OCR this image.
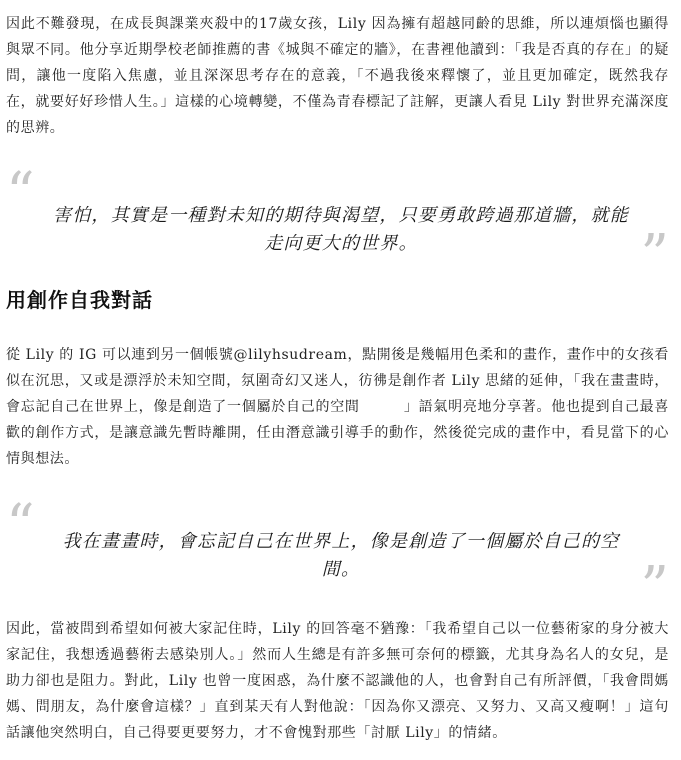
因此不難發現，在成長與課業夾殺中的17歲女孩，Lily 因為擁有超越同齡的思維，所以連煩惱也顯得與眾不同。他分享近期學校老師推薦的書《城與不確定的牆》，在書裡他讀到：「我是否真的存在」的疑問，讓他一度陷入焦慮，並且深深思考存在的意義，「不過我後來釋懷了，並且更加確定，既然我存在，就要好好珍惜人生。」這樣的心境轉變，不僅為青春標記了註解，更讓人看見 Lily 對世界充滿深度的思辨。

“	害怕，其實是一種對未知的期待與渴望，只要勇敢跨過那道牆，就能走向更大的世界。	”
用創作自我對話

從 Lily 的 IG 可以連到另一個帳號@lilyhsudream，點開後是幾幅用色柔和的畫作，畫作中的女孩看似在沉思，又或是漂浮於未知空間，氛圍奇幻又迷人，彷彿是創作者 Lily 思緒的延伸，「我在畫畫時，會忘記自己在世界上，像是創造了一個屬於自己的空間　　　」語氣明亮地分享著。他也提到自己最喜歡的創作方式，是讓意識先暫時離開，任由潛意識引導手的動作，然後從完成的畫作中，看見當下的心情與想法。

“	我在畫畫時，會忘記自己在世界上，像是創造了一個屬於自己的空間。	”

因此，當被問到希望如何被大家記住時，Lily 的回答毫不猶豫：「我希望自己以一位藝術家的身分被大家記住，我想透過藝術去感染別人。」然而人生總是有許多無可奈何的標籤，尤其身為名人的女兒，是助力卻也是阻力。對此，Lily 也曾一度困惑，為什麼不認識他的人，也會對自己有所評價，「我會問媽媽、問朋友，為什麼會這樣？」直到某天有人對他說：「因為你又漂亮、又努力、又高又瘦啊！」這句話讓他突然明白，自己得要更要努力，才不會愧對那些「討厭 Lily」的情緒。
